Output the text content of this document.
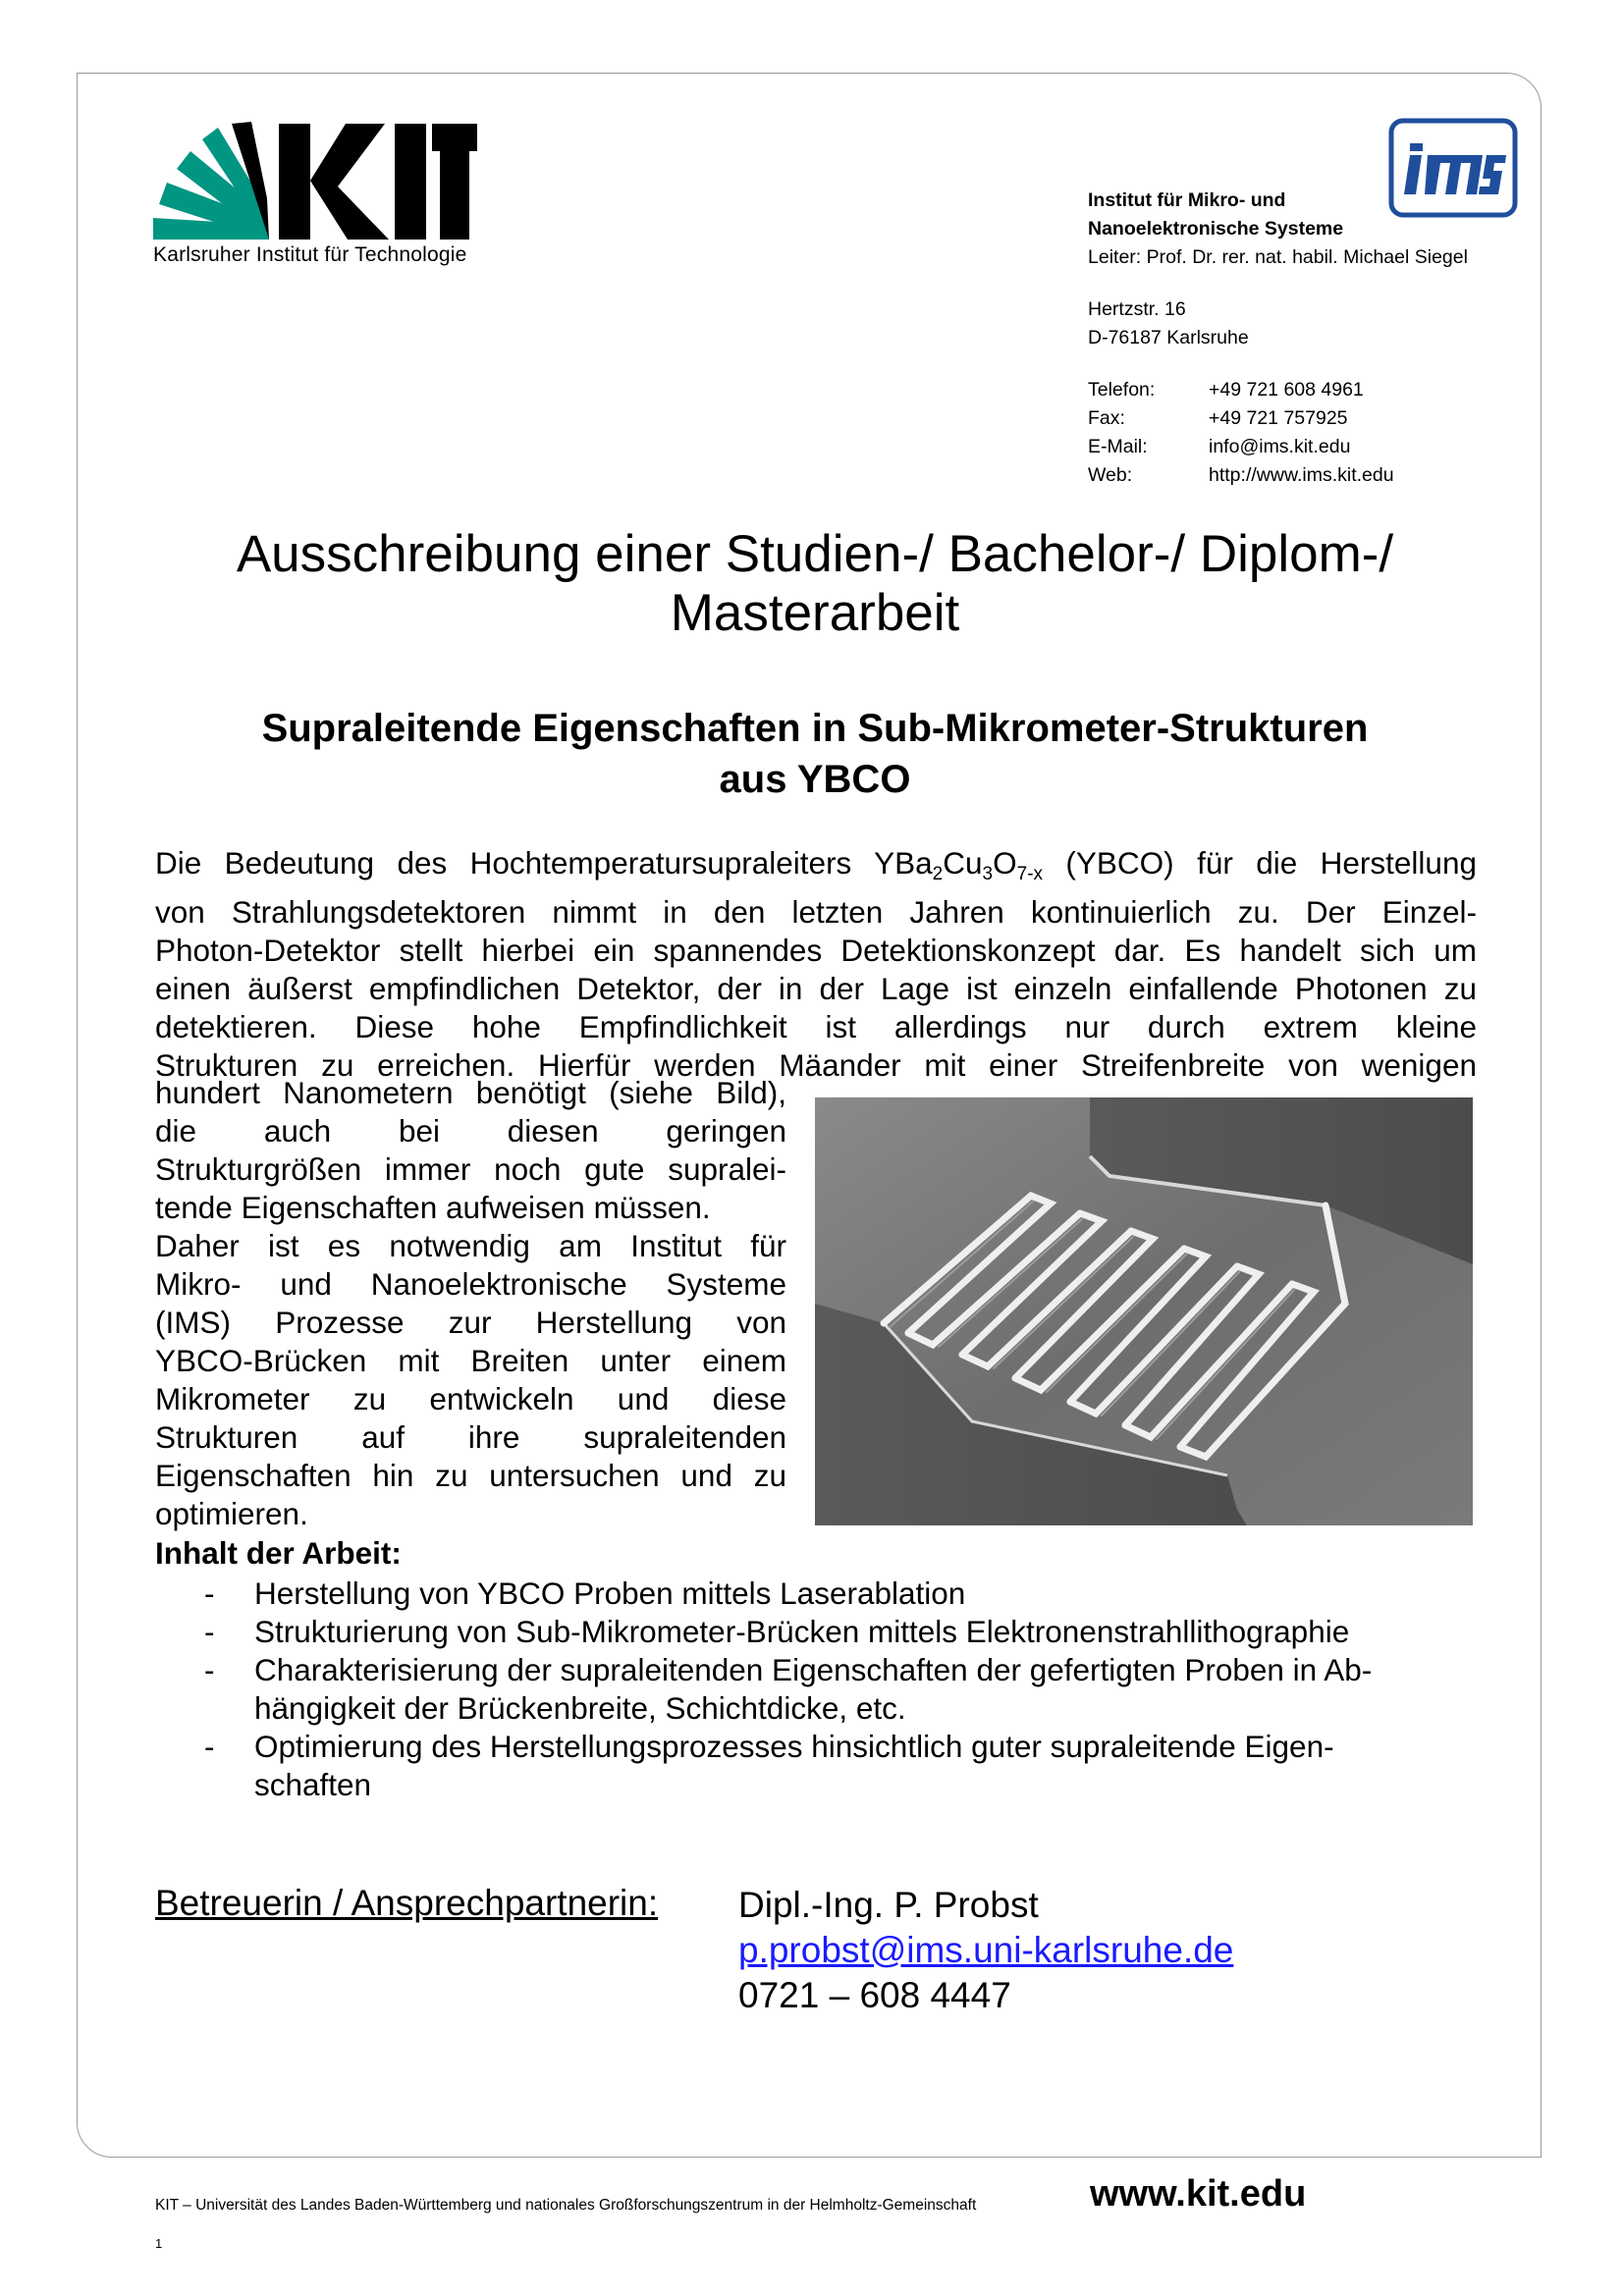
Karlsruher Institut für Technologie
Institut für Mikro- und
Nanoelektronische Systeme
Leiter: Prof. Dr. rer. nat. habil. Michael Siegel
Hertzstr. 16
D-76187 Karlsruhe
Telefon:	+49 721 608 4961
Fax:	+49 721 757925
E-Mail:	info@ims.kit.edu
Web:	http://www.ims.kit.edu
Ausschreibung einer Studien-/ Bachelor-/ Diplom-/
Masterarbeit
Supraleitende Eigenschaften in Sub-Mikrometer-Strukturen
aus YBCO
Die Bedeutung des Hochtemperatursupraleiters $YBa_2Cu_3O_{7-x}$ (YBCO) für die Herstellung
von Strahlungsdetektoren nimmt in den letzten Jahren kontinuierlich zu. Der Einzel-
Photon-Detektor stellt hierbei ein spannendes Detektionskonzept dar. Es handelt sich um
einen äußerst empfindlichen Detektor, der in der Lage ist einzeln einfallende Photonen zu
detektieren. Diese hohe Empfindlichkeit ist allerdings nur durch extrem kleine
Strukturen zu erreichen. Hierfür werden Mäander mit einer Streifenbreite von wenigen
hundert Nanometern benötigt (siehe Bild),
die auch bei diesen geringen
Strukturgrößen immer noch gute supralei-
tende Eigenschaften aufweisen müssen.
Daher ist es notwendig am Institut für
Mikro- und Nanoelektronische Systeme
(IMS) Prozesse zur Herstellung von
YBCO-Brücken mit Breiten unter einem
Mikrometer zu entwickeln und diese
Strukturen auf ihre supraleitenden
Eigenschaften hin zu untersuchen und zu
optimieren.
Inhalt der Arbeit:
- Herstellung von YBCO Proben mittels Laserablation
- Strukturierung von Sub-Mikrometer-Brücken mittels Elektronenstrahllithographie
- Charakterisierung der supraleitenden Eigenschaften der gefertigten Proben in Ab-
hängigkeit der Brückenbreite, Schichtdicke, etc.
- Optimierung des Herstellungsprozesses hinsichtlich guter supraleitende Eigen-
schaften
Betreuerin / Ansprechpartnerin: Dipl.-Ing. P. Probst
p.probst@ims.uni-karlsruhe.de
0721 – 608 4447
KIT – Universität des Landes Baden-Württemberg und nationales Großforschungszentrum in der Helmholtz-Gemeinschaft	www.kit.edu
1
